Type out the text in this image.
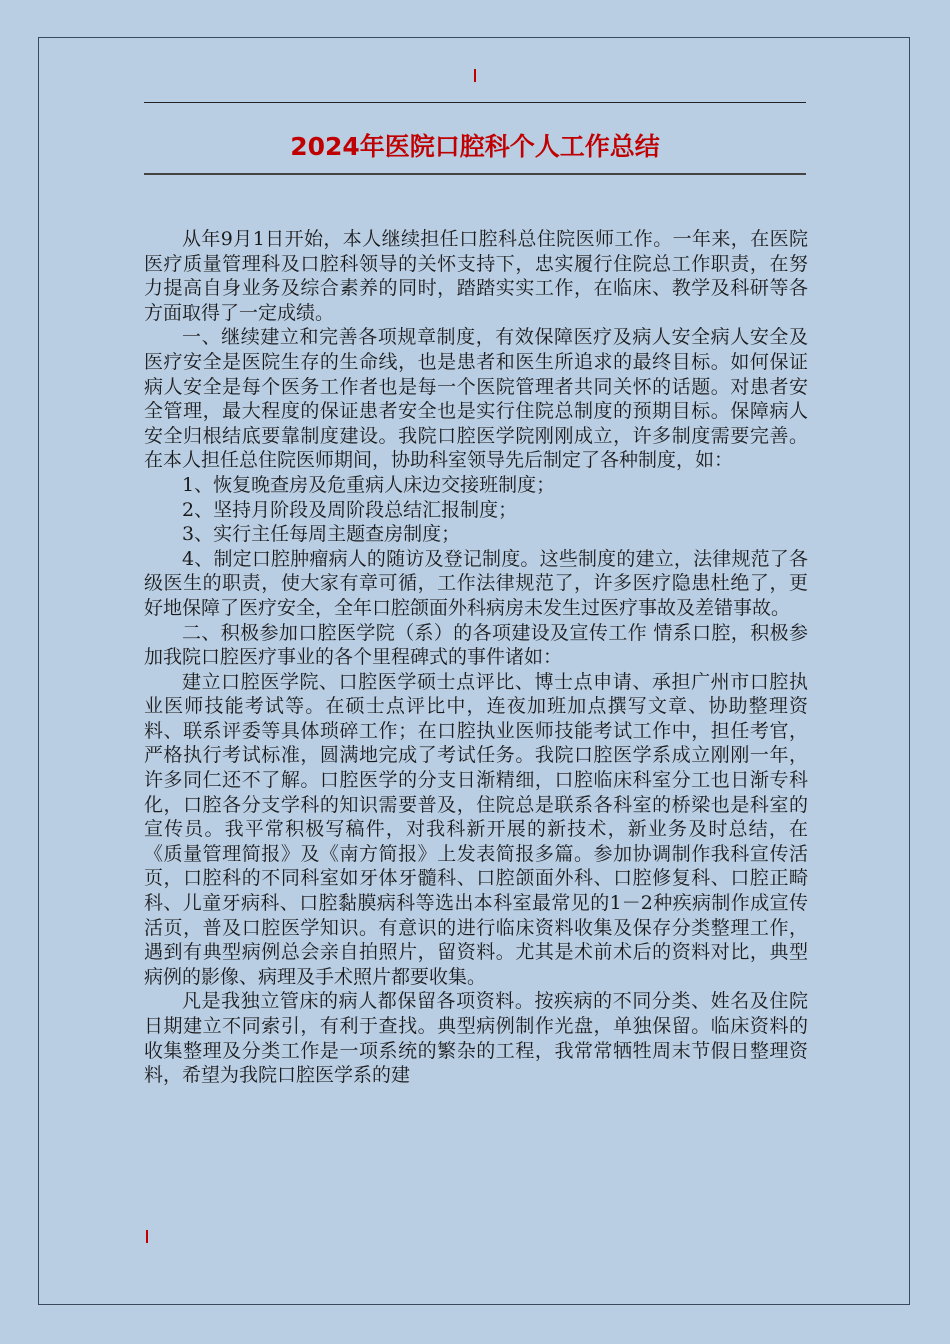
2024年医院口腔科个人工作总结

从年9月1日开始，本人继续担任口腔科总住院医师工作。一年来，在医院医疗质量管理科及口腔科领导的关怀支持下，忠实履行住院总工作职责，在努力提高自身业务及综合素养的同时，踏踏实实工作，在临床、教学及科研等各方面取得了一定成绩。

一、继续建立和完善各项规章制度，有效保障医疗及病人安全病人安全及医疗安全是医院生存的生命线，也是患者和医生所追求的最终目标。如何保证病人安全是每个医务工作者也是每一个医院管理者共同关怀的话题。对患者安全管理，最大程度的保证患者安全也是实行住院总制度的预期目标。保障病人安全归根结底要靠制度建设。我院口腔医学院刚刚成立，许多制度需要完善。在本人担任总住院医师期间，协助科室领导先后制定了各种制度，如：

1、恢复晚查房及危重病人床边交接班制度；

2、坚持月阶段及周阶段总结汇报制度；

3、实行主任每周主题查房制度；

4、制定口腔肿瘤病人的随访及登记制度。这些制度的建立，法律规范了各级医生的职责，使大家有章可循，工作法律规范了，许多医疗隐患杜绝了，更好地保障了医疗安全，全年口腔颌面外科病房未发生过医疗事故及差错事故。

二、积极参加口腔医学院（系）的各项建设及宣传工作 情系口腔，积极参加我院口腔医疗事业的各个里程碑式的事件诸如：

建立口腔医学院、口腔医学硕士点评比、博士点申请、承担广州市口腔执业医师技能考试等。在硕士点评比中，连夜加班加点撰写文章、协助整理资料、联系评委等具体琐碎工作；在口腔执业医师技能考试工作中，担任考官，严格执行考试标准，圆满地完成了考试任务。我院口腔医学系成立刚刚一年，许多同仁还不了解。口腔医学的分支日渐精细，口腔临床科室分工也日渐专科化，口腔各分支学科的知识需要普及，住院总是联系各科室的桥梁也是科室的宣传员。我平常积极写稿件，对我科新开展的新技术，新业务及时总结，在《质量管理简报》及《南方简报》上发表简报多篇。参加协调制作我科宣传活页，口腔科的不同科室如牙体牙髓科、口腔颌面外科、口腔修复科、口腔正畸科、儿童牙病科、口腔黏膜病科等选出本科室最常见的1－2种疾病制作成宣传活页，普及口腔医学知识。有意识的进行临床资料收集及保存分类整理工作，遇到有典型病例总会亲自拍照片，留资料。尤其是术前术后的资料对比，典型病例的影像、病理及手术照片都要收集。

凡是我独立管床的病人都保留各项资料。按疾病的不同分类、姓名及住院日期建立不同索引，有利于查找。典型病例制作光盘，单独保留。临床资料的收集整理及分类工作是一项系统的繁杂的工程，我常常牺牲周末节假日整理资料，希望为我院口腔医学系的建
